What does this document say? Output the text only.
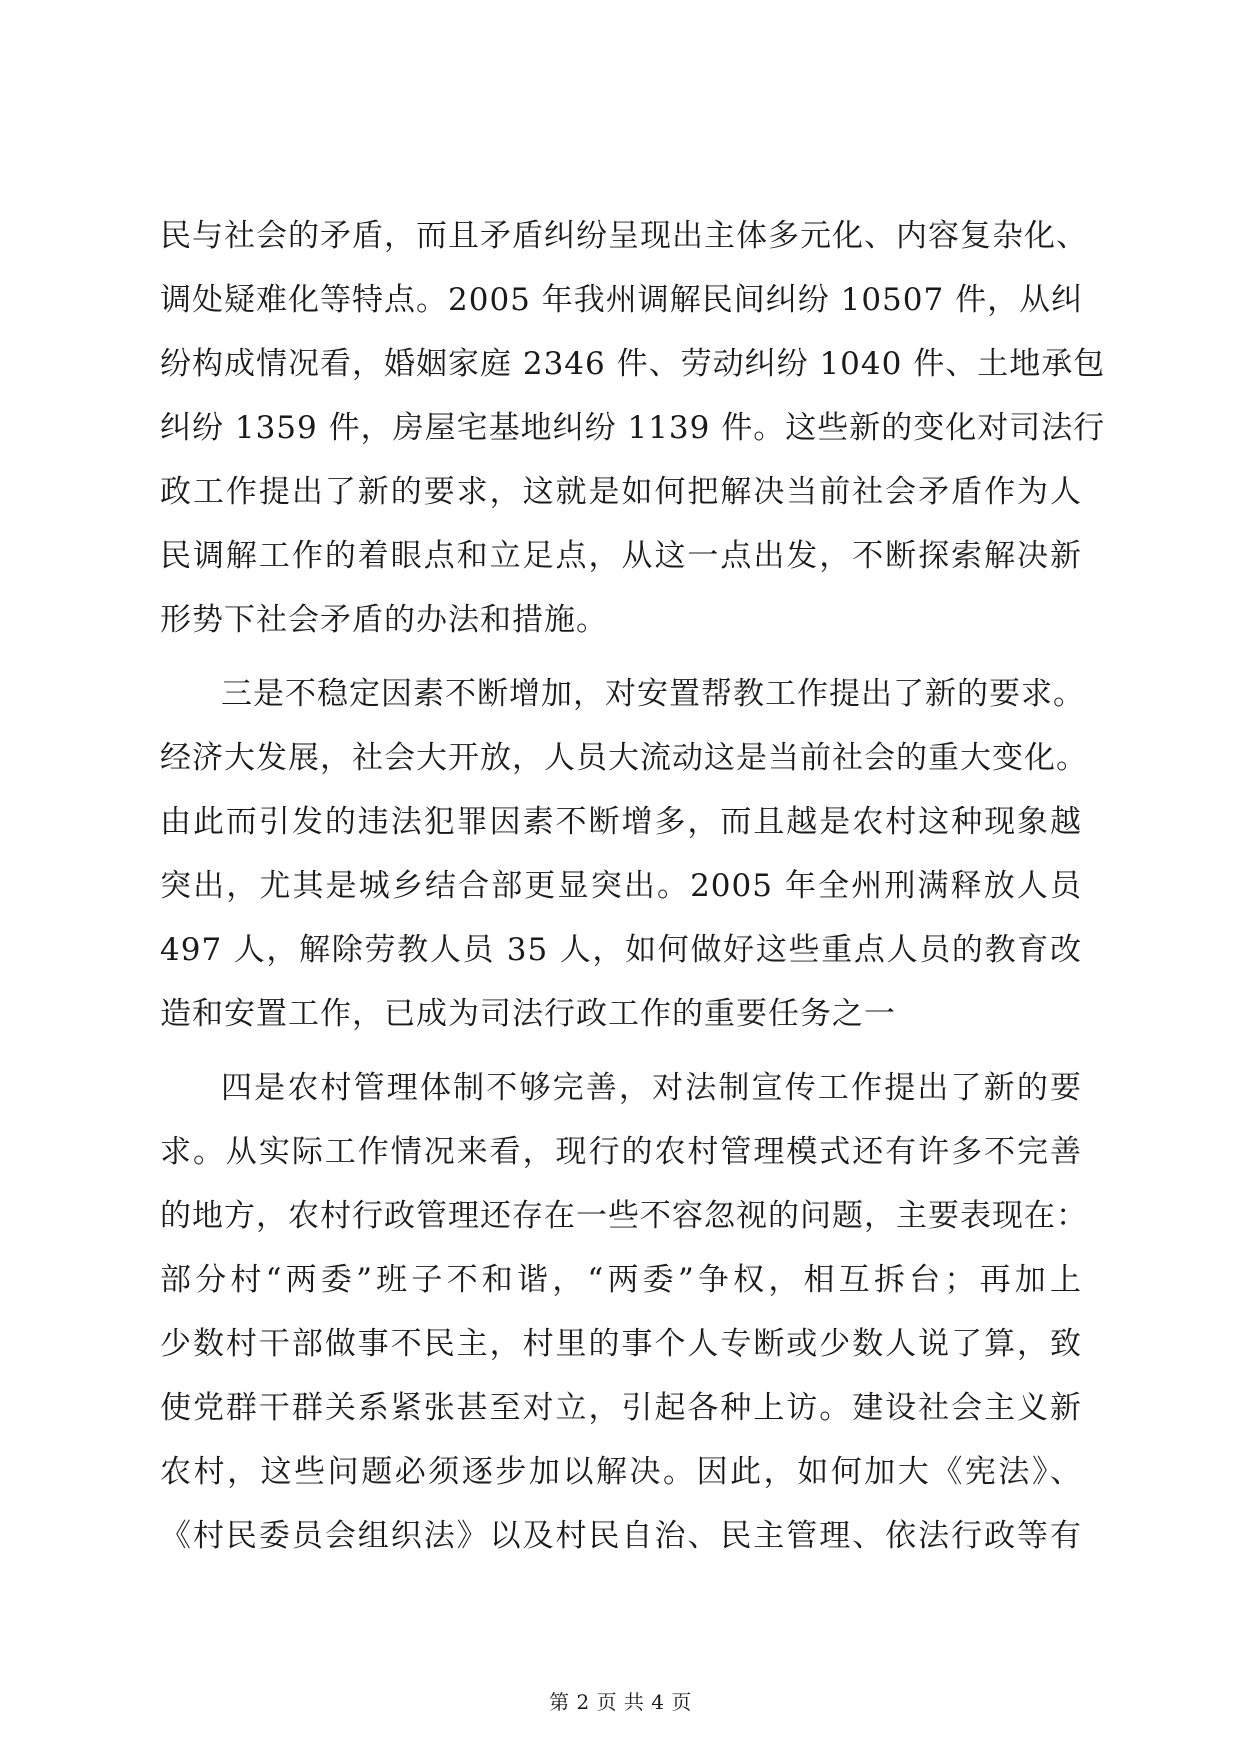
民与社会的矛盾，而且矛盾纠纷呈现出主体多元化、内容复杂化、
调处疑难化等特点。2005 年我州调解民间纠纷 10507 件，从纠
纷构成情况看，婚姻家庭 2346 件、劳动纠纷 1040 件、土地承包
纠纷 1359 件，房屋宅基地纠纷 1139 件。这些新的变化对司法行
政工作提出了新的要求，这就是如何把解决当前社会矛盾作为人
民调解工作的着眼点和立足点，从这一点出发，不断探索解决新
形势下社会矛盾的办法和措施。
三是不稳定因素不断增加，对安置帮教工作提出了新的要求。
经济大发展，社会大开放，人员大流动这是当前社会的重大变化。
由此而引发的违法犯罪因素不断增多，而且越是农村这种现象越
突出，尤其是城乡结合部更显突出。2005 年全州刑满释放人员
497 人，解除劳教人员 35 人，如何做好这些重点人员的教育改
造和安置工作，已成为司法行政工作的重要任务之一
四是农村管理体制不够完善，对法制宣传工作提出了新的要
求。从实际工作情况来看，现行的农村管理模式还有许多不完善
的地方，农村行政管理还存在一些不容忽视的问题，主要表现在：
部分村“两委”班子不和谐，“两委”争权，相互拆台；再加上
少数村干部做事不民主，村里的事个人专断或少数人说了算，致
使党群干群关系紧张甚至对立，引起各种上访。建设社会主义新
农村，这些问题必须逐步加以解决。因此，如何加大《宪法》、
《村民委员会组织法》以及村民自治、民主管理、依法行政等有
第 2 页 共 4 页
